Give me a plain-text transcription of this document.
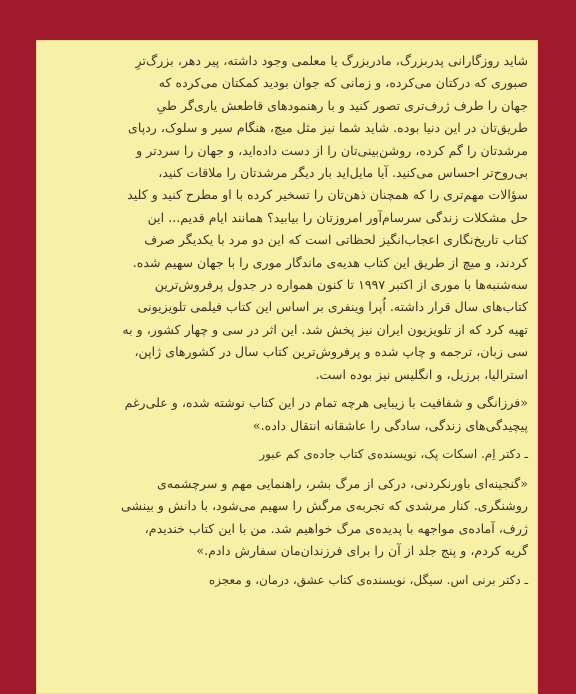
شاید روزگارانی پدربزرگ، مادربزرگ یا معلمی وجود داشته، پیر دهر، بزرگ‌ترِ
صبوری که درکتان می‌کرده، و زمانی که جوان بودید کمکتان می‌کرده که
جهان را طرف ژرف‌تری تصور کنید و با رهنمودهای قاطعش یاری‌گر طیِ
طریق‌تان در این دنیا بوده. شاید شما نیز مثل میچ، هنگام سیر و سلوک، ردپای
مرشدتان را گم کرده، روشن‌بینی‌تان را از دست داده‌اید، و جهان را سردتر و
بی‌روح‌تر احساس می‌کنید. آیا مایل‌اید بار دیگر مرشدتان را ملاقات کنید،
سؤالات مهم‌تری را که همچنان ذهن‌تان را تسخیر کرده با او مطرح کنید و کلید
حل مشکلات زندگی سرسام‌آور امروزتان را بیابید؟ همانند ایام قدیم... این
کتاب تاریخ‌نگاری اعجاب‌انگیز لحظاتی است که این دو مرد با یکدیگر صرف
کردند، و میچ از طریق این کتاب هدیه‌ی ماندگار موری را با جهان سهیم شده.
سه‌شنبه‌ها با موری از اکتبر ۱۹۹۷ تا کنون همواره در جدول پرفروش‌ترین
کتاب‌های سال قرار داشته. اُپرا وینفری بر اساس این کتاب فیلمی تلویزیونی
تهیه کرد که از تلویزیون ایران نیز پخش شد. این اثر در سی و چهار کشور، و به
سی زبان، ترجمه و چاپ شده و پرفروش‌ترین کتاب سال در کشورهای ژاپن،
استرالیا، برزیل، و انگلیس نیز بوده است.
«فرزانگی و شفافیت با زیبایی هرچه تمام در این کتاب نوشته شده، و علی‌رغم
پیچیدگی‌های زندگی، سادگی را عاشقانه انتقال داده.»
ـ دکتر اِم. اسکات پک، نویسنده‌ی کتاب جاده‌ی کم عبور
«گنجینه‌ای باورنکردنی، درکی از مرگ بشر، راهنمایی مهم و سرچشمه‌ی
روشنگری. کنار مرشدی که تجربه‌ی مرگش را سهیم می‌شود، با دانش و بینشی
ژرف، آماده‌ی مواجهه با پدیده‌ی مرگ خواهیم شد. من با این کتاب خندیدم،
گریه کردم، و پنج جلد از آن را برای فرزندان‌مان سفارش دادم.»
ـ دکتر برنی اس. سیگل، نویسنده‌ی کتاب عشق، درمان، و معجزه
